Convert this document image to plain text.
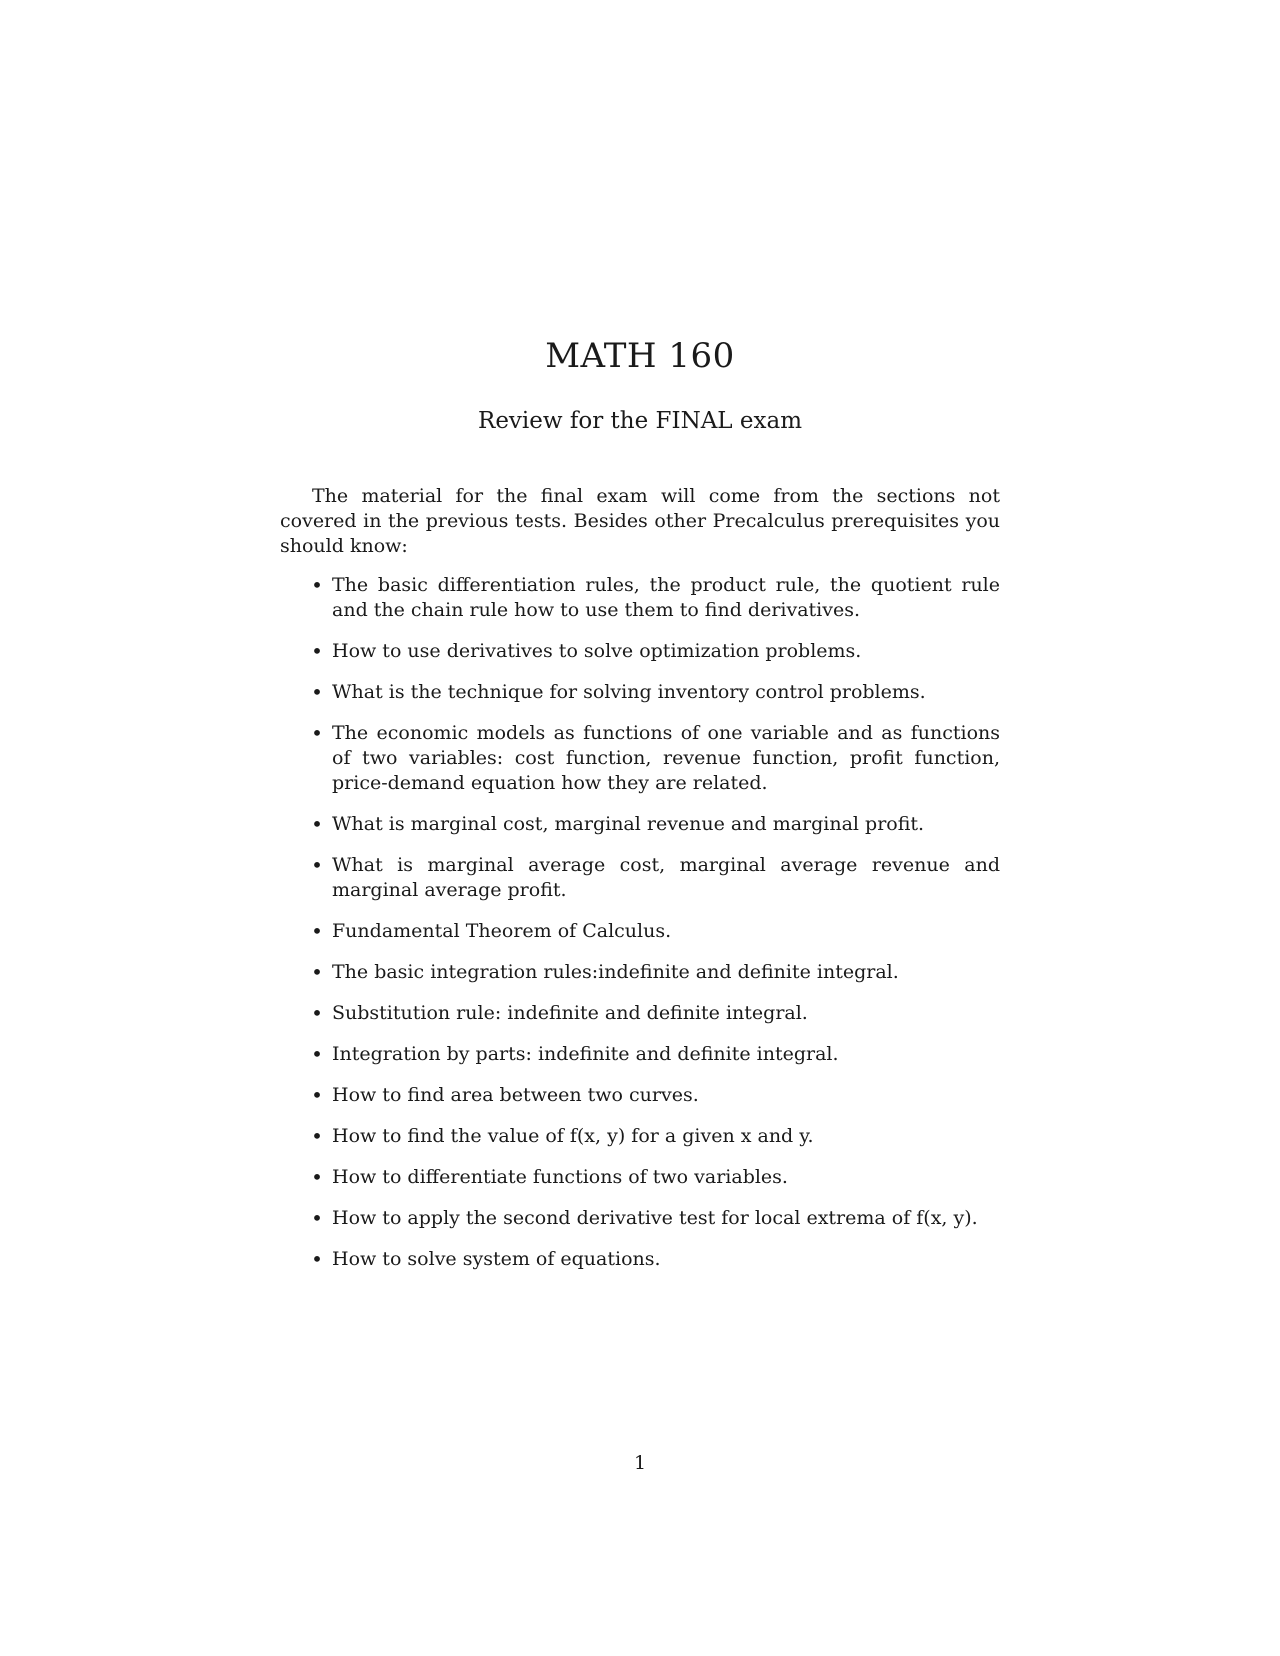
MATH 160
Review for the FINAL exam

The material for the final exam will come from the sections not covered in the previous tests. Besides other Precalculus prerequisites you should know:

• The basic differentiation rules, the product rule, the quotient rule and the chain rule how to use them to find derivatives.
• How to use derivatives to solve optimization problems.
• What is the technique for solving inventory control problems.
• The economic models as functions of one variable and as functions of two variables: cost function, revenue function, profit function, price-demand equation how they are related.
• What is marginal cost, marginal revenue and marginal profit.
• What is marginal average cost, marginal average revenue and marginal average profit.
• Fundamental Theorem of Calculus.
• The basic integration rules:indefinite and definite integral.
• Substitution rule: indefinite and definite integral.
• Integration by parts: indefinite and definite integral.
• How to find area between two curves.
• How to find the value of f(x, y) for a given x and y.
• How to differentiate functions of two variables.
• How to apply the second derivative test for local extrema of f(x, y).
• How to solve system of equations.
1
